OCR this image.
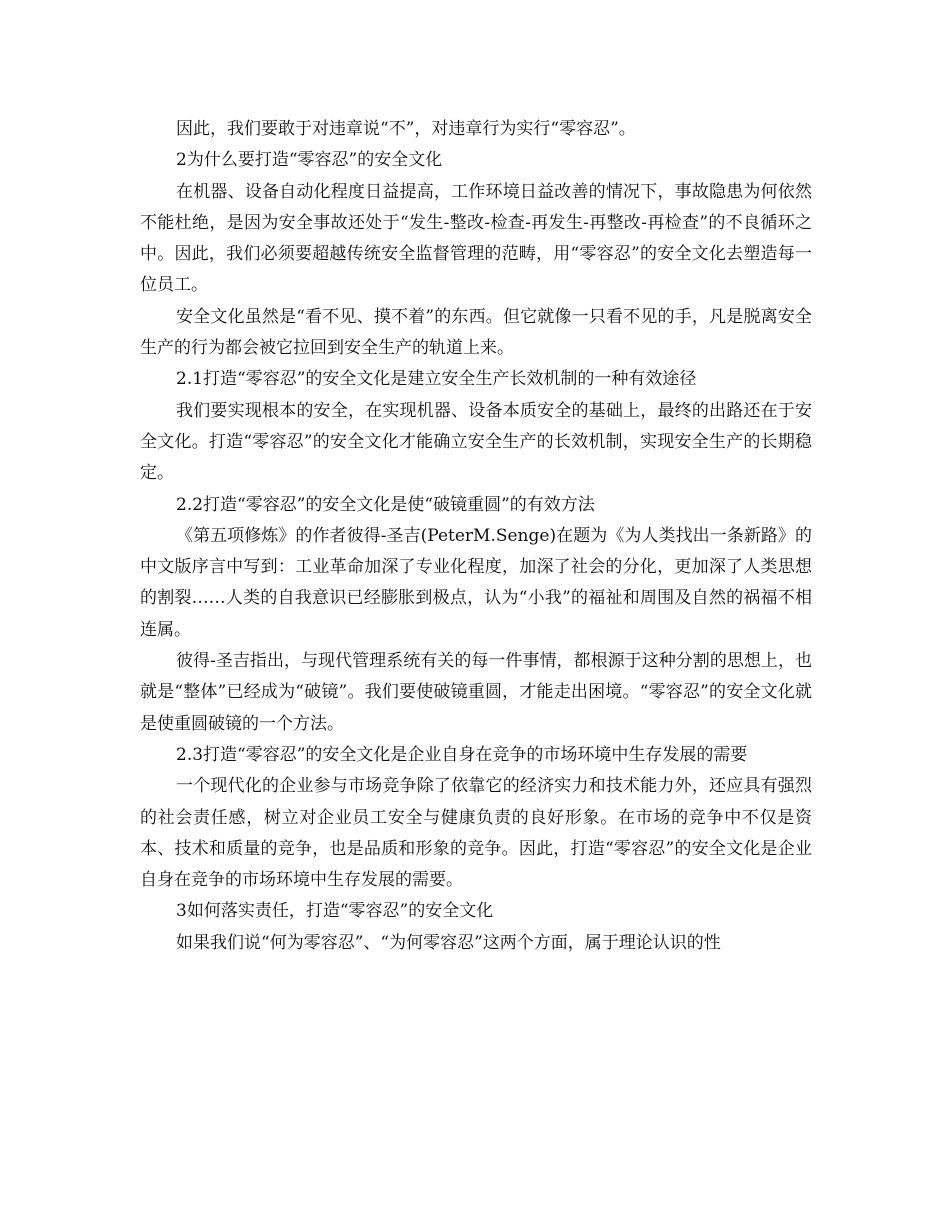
因此，我们要敢于对违章说“不”，对违章行为实行“零容忍”。

2为什么要打造“零容忍”的安全文化

在机器、设备自动化程度日益提高，工作环境日益改善的情况下，事故隐患为何依然不能杜绝，是因为安全事故还处于“发生-整改-检查-再发生-再整改-再检查”的不良循环之中。因此，我们必须要超越传统安全监督管理的范畴，用“零容忍”的安全文化去塑造每一位员工。

安全文化虽然是“看不见、摸不着”的东西。但它就像一只看不见的手，凡是脱离安全生产的行为都会被它拉回到安全生产的轨道上来。

2.1打造“零容忍”的安全文化是建立安全生产长效机制的一种有效途径

我们要实现根本的安全，在实现机器、设备本质安全的基础上，最终的出路还在于安全文化。打造“零容忍”的安全文化才能确立安全生产的长效机制，实现安全生产的长期稳定。

2.2打造“零容忍”的安全文化是使“破镜重圆”的有效方法

《第五项修炼》的作者彼得-圣吉(PeterM.Senge)在题为《为人类找出一条新路》的中文版序言中写到：工业革命加深了专业化程度，加深了社会的分化，更加深了人类思想的割裂……人类的自我意识已经膨胀到极点，认为“小我”的福祉和周围及自然的祸福不相连属。

彼得-圣吉指出，与现代管理系统有关的每一件事情，都根源于这种分割的思想上，也就是“整体”已经成为“破镜”。我们要使破镜重圆，才能走出困境。“零容忍”的安全文化就是使重圆破镜的一个方法。

2.3打造“零容忍”的安全文化是企业自身在竞争的市场环境中生存发展的需要

一个现代化的企业参与市场竞争除了依靠它的经济实力和技术能力外，还应具有强烈的社会责任感，树立对企业员工安全与健康负责的良好形象。在市场的竞争中不仅是资本、技术和质量的竞争，也是品质和形象的竞争。因此，打造“零容忍”的安全文化是企业自身在竞争的市场环境中生存发展的需要。

3如何落实责任，打造“零容忍”的安全文化

如果我们说“何为零容忍”、“为何零容忍”这两个方面，属于理论认识的性
